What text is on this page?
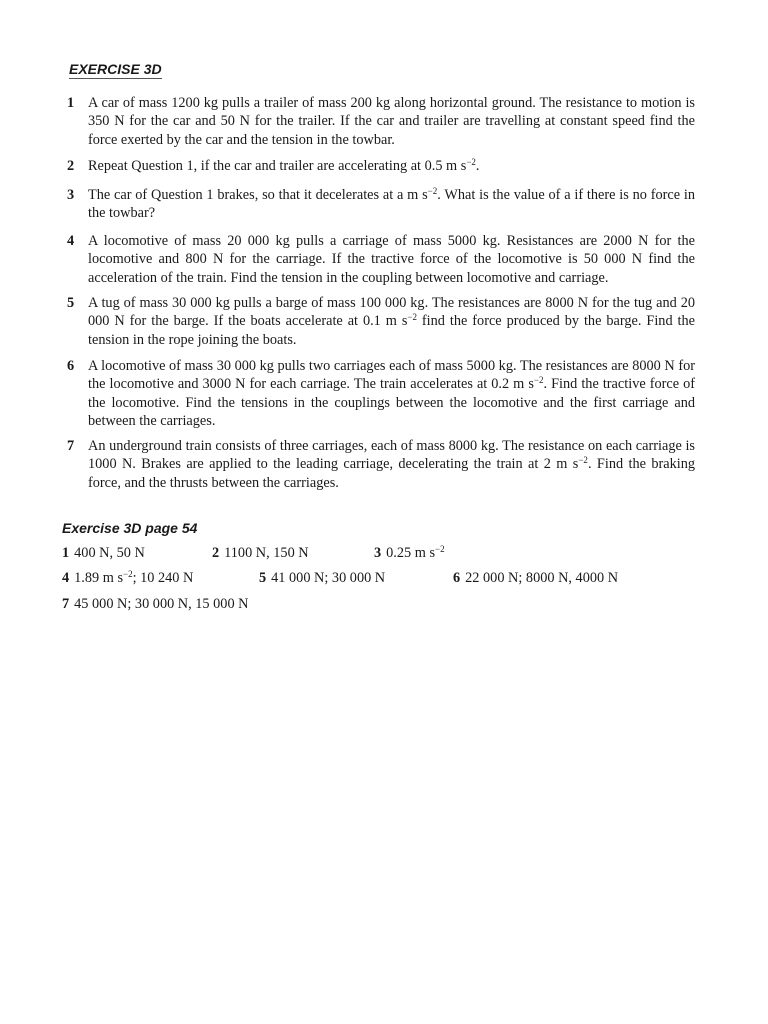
EXERCISE 3D
1 A car of mass 1200 kg pulls a trailer of mass 200 kg along horizontal ground. The resistance to motion is 350 N for the car and 50 N for the trailer. If the car and trailer are travelling at constant speed find the force exerted by the car and the tension in the towbar.
2 Repeat Question 1, if the car and trailer are accelerating at 0.5 m $s^{-2}$.
3 The car of Question 1 brakes, so that it decelerates at a m $s^{-2}$. What is the value of a if there is no force in the towbar?
4 A locomotive of mass 20 000 kg pulls a carriage of mass 5000 kg. Resistances are 2000 N for the locomotive and 800 N for the carriage. If the tractive force of the locomotive is 50 000 N find the acceleration of the train. Find the tension in the coupling between locomotive and carriage.
5 A tug of mass 30 000 kg pulls a barge of mass 100 000 kg. The resistances are 8000 N for the tug and 20 000 N for the barge. If the boats accelerate at 0.1 m $s^{-2}$ find the force produced by the barge. Find the tension in the rope joining the boats.
6 A locomotive of mass 30 000 kg pulls two carriages each of mass 5000 kg. The resistances are 8000 N for the locomotive and 3000 N for each carriage. The train accelerates at 0.2 m $s^{-2}$. Find the tractive force of the locomotive. Find the tensions in the couplings between the locomotive and the first carriage and between the carriages.
7 An underground train consists of three carriages, each of mass 8000 kg. The resistance on each carriage is 1000 N. Brakes are applied to the leading carriage, decelerating the train at 2 m $s^{-2}$. Find the braking force, and the thrusts between the carriages.
Exercise 3D page 54
1 400 N, 50 N	2 1100 N, 150 N	3 0.25 m $s^{-2}$
4 1.89 m $s^{-2}$; 10 240 N	5 41 000 N; 30 000 N	6 22 000 N; 8000 N, 4000 N
7 45 000 N; 30 000 N, 15 000 N
